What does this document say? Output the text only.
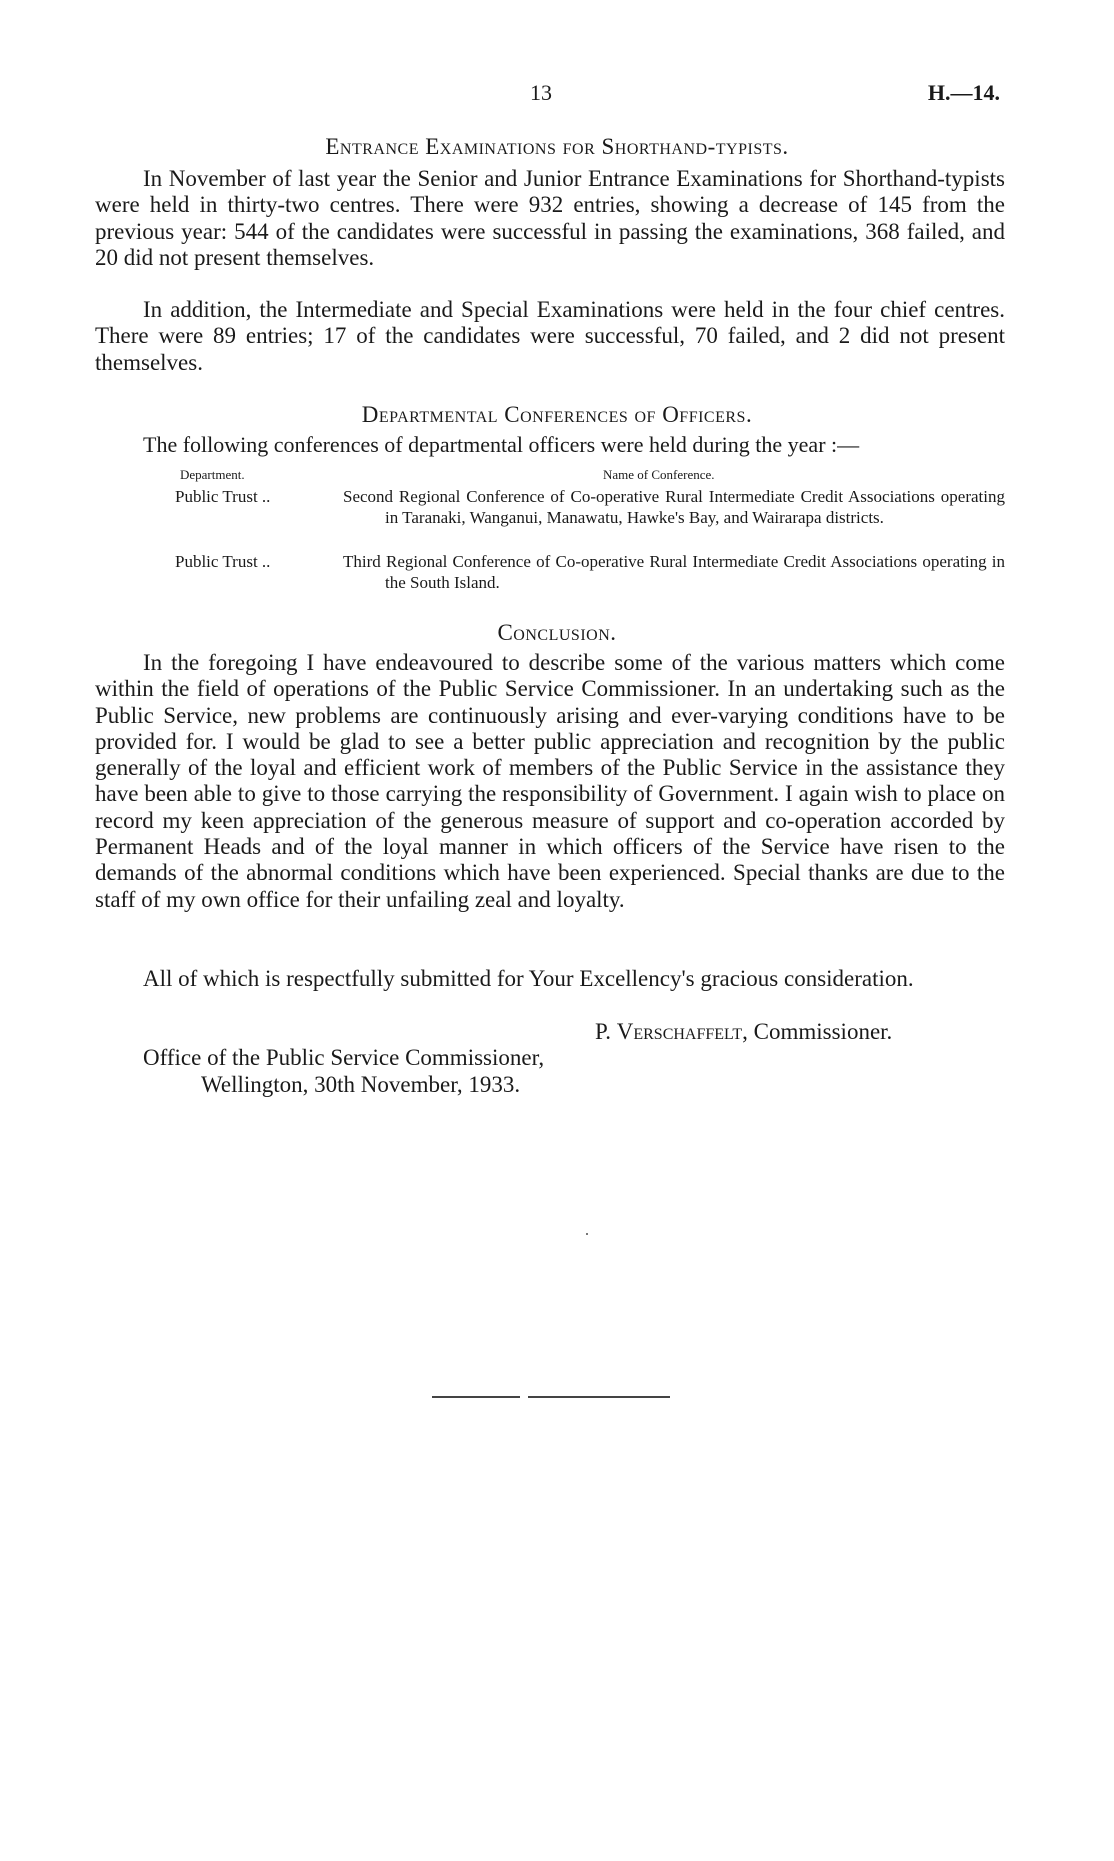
13	H.—14.
Entrance Examinations for Shorthand-typists.

In November of last year the Senior and Junior Entrance Examinations for Shorthand-typists were held in thirty-two centres. There were 932 entries, showing a decrease of 145 from the previous year: 544 of the candidates were successful in passing the examinations, 368 failed, and 20 did not present themselves.

In addition, the Intermediate and Special Examinations were held in the four chief centres. There were 89 entries; 17 of the candidates were successful, 70 failed, and 2 did not present themselves.

Departmental Conferences of Officers.
The following conferences of departmental officers were held during the year :—
Department.	Name of Conference.
Public Trust ..	Second Regional Conference of Co-operative Rural Intermediate Credit Associations operating in Taranaki, Wanganui, Manawatu, Hawke's Bay, and Wairarapa districts.
Public Trust ..	Third Regional Conference of Co-operative Rural Intermediate Credit Associations operating in the South Island.
Conclusion.

In the foregoing I have endeavoured to describe some of the various matters which come within the field of operations of the Public Service Commissioner. In an undertaking such as the Public Service, new problems are continuously arising and ever-varying conditions have to be provided for. I would be glad to see a better public appreciation and recognition by the public generally of the loyal and efficient work of members of the Public Service in the assistance they have been able to give to those carrying the responsibility of Government. I again wish to place on record my keen appreciation of the generous measure of support and co-operation accorded by Permanent Heads and of the loyal manner in which officers of the Service have risen to the demands of the abnormal conditions which have been experienced. Special thanks are due to the staff of my own office for their unfailing zeal and loyalty.

All of which is respectfully submitted for Your Excellency's gracious consideration.

P. Verschaffelt, Commissioner.
Office of the Public Service Commissioner,
Wellington, 30th November, 1933.
